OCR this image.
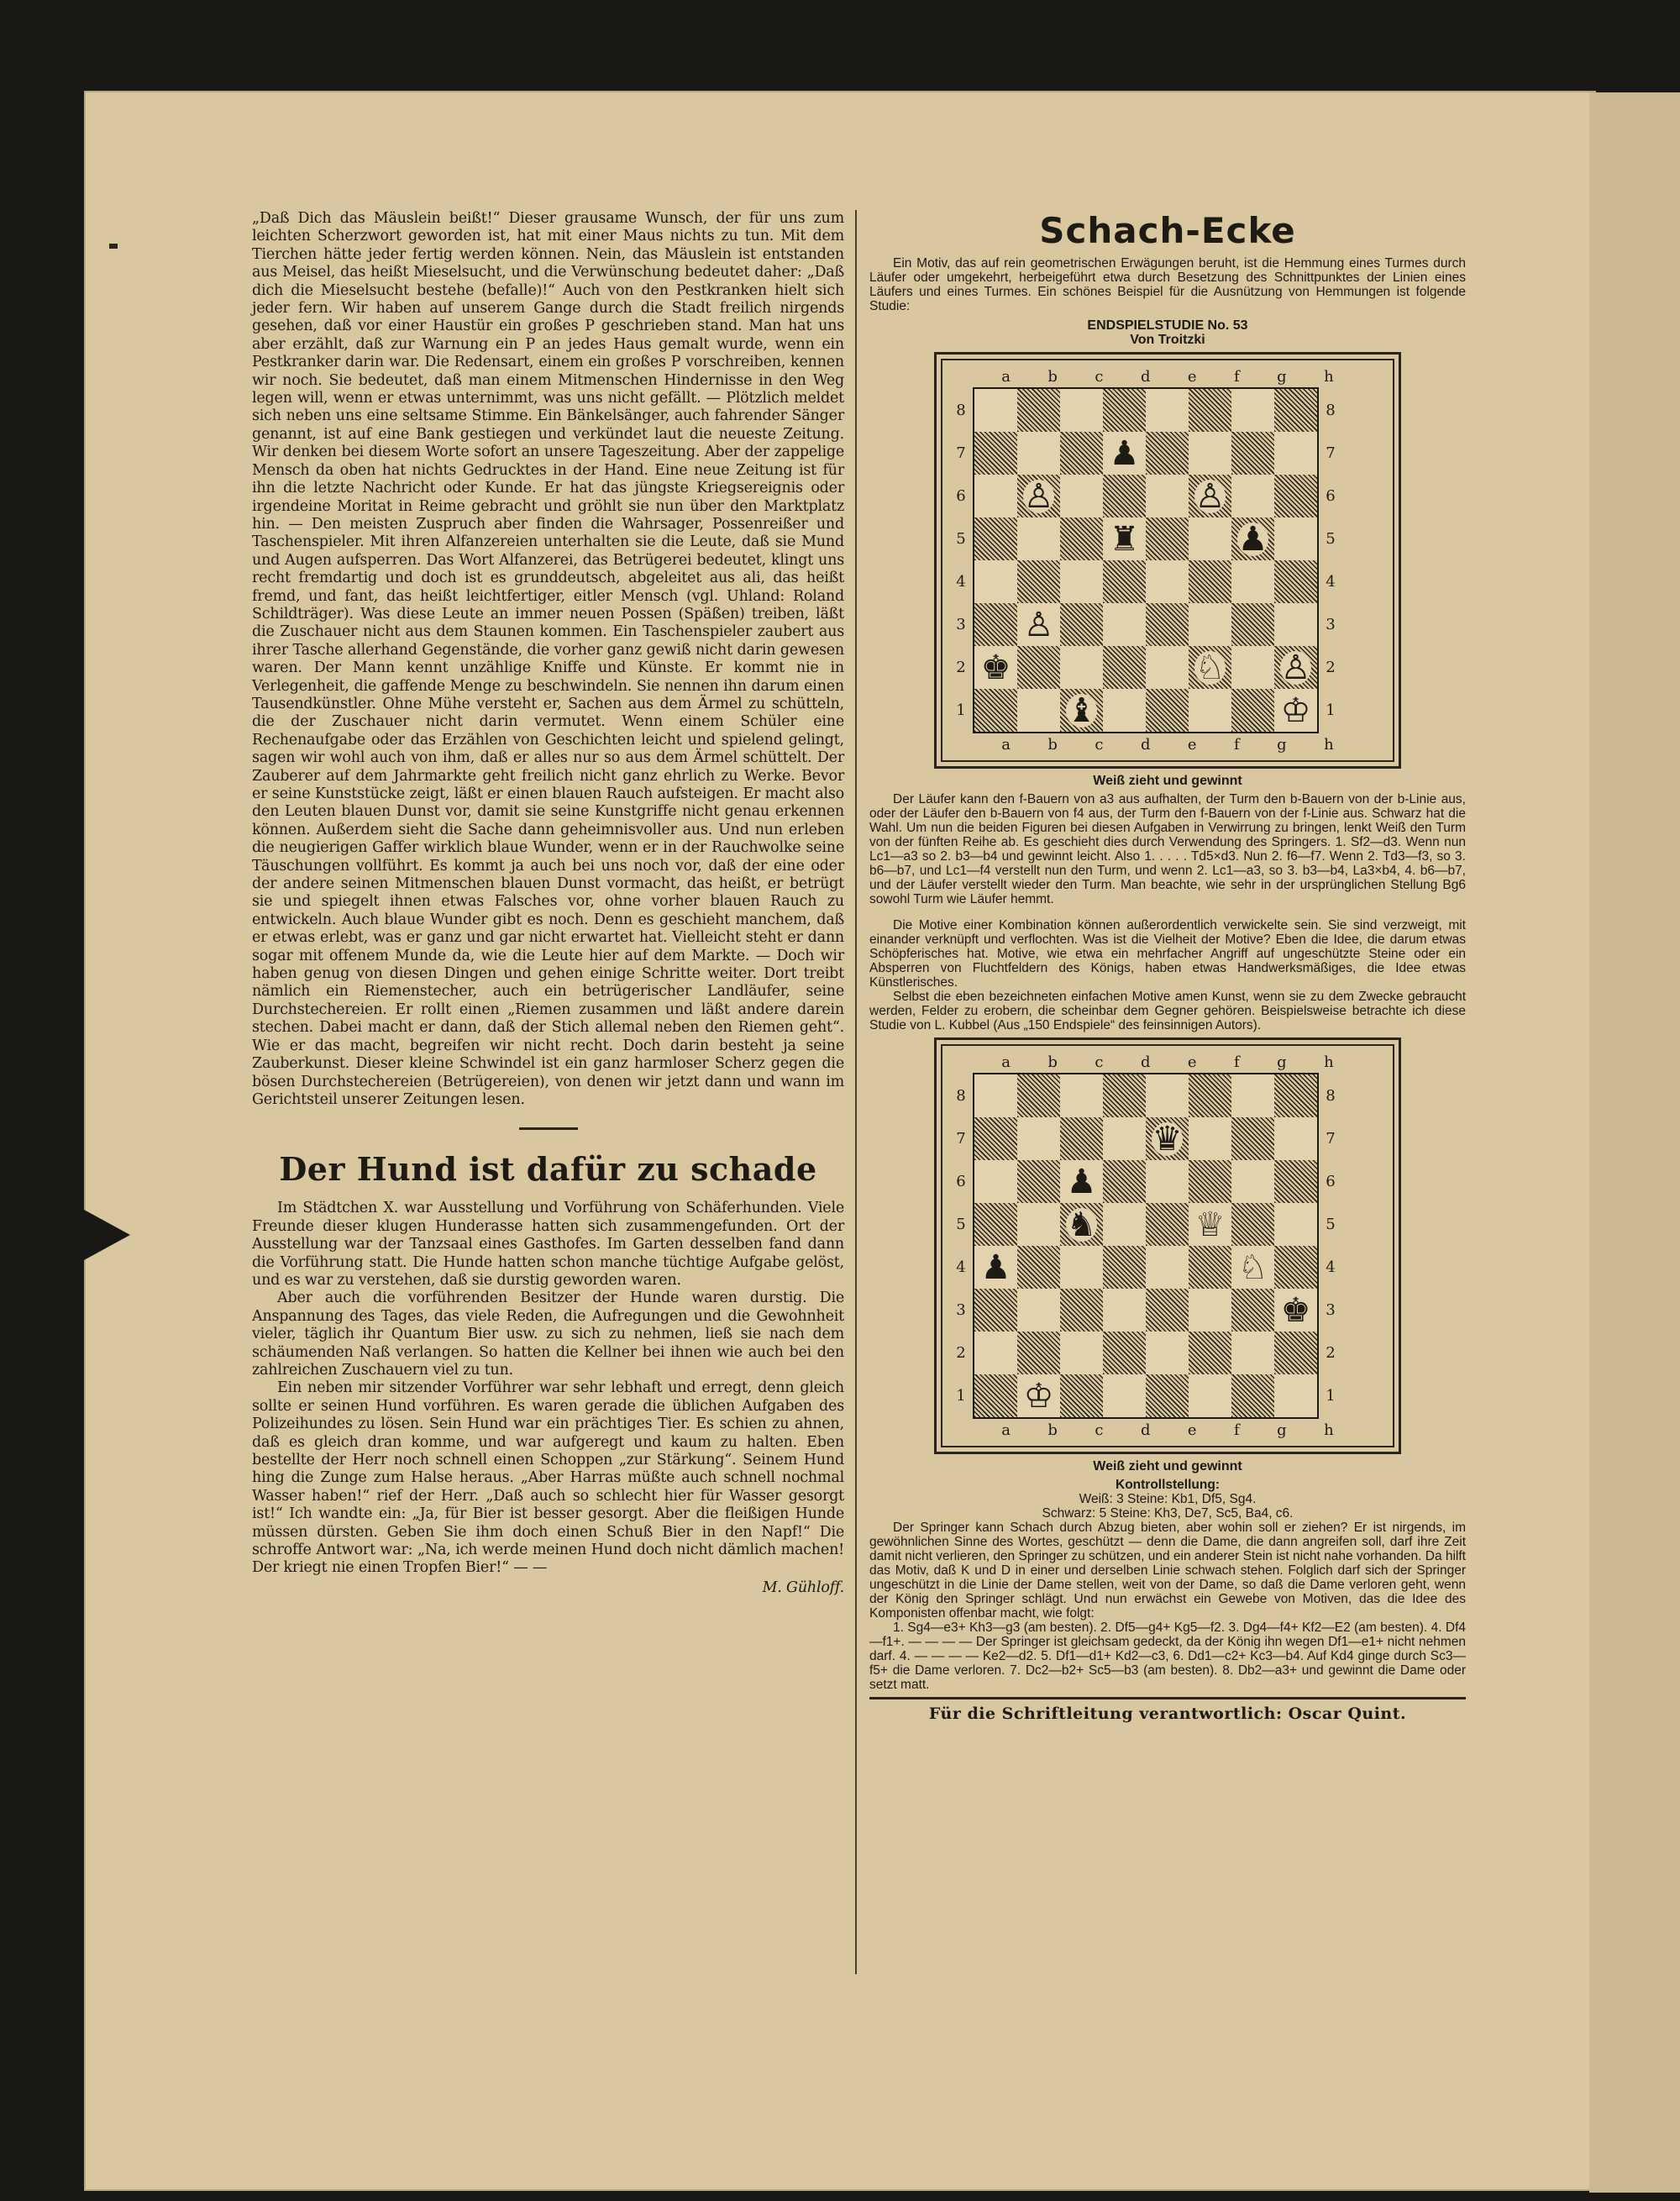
„Daß Dich das Mäuslein beißt!“ Dieser grausame Wunsch, der für uns zum leichten Scherzwort geworden ist, hat mit einer Maus nichts zu tun. Mit dem Tierchen hätte jeder fertig werden können. Nein, das Mäuslein ist entstanden aus Meisel, das heißt Mieselsucht, und die Verwünschung bedeutet daher: „Daß dich die Mieselsucht bestehe (befalle)!“ Auch von den Pestkranken hielt sich jeder fern. Wir haben auf unserem Gange durch die Stadt freilich nirgends gesehen, daß vor einer Haustür ein großes P geschrieben stand. Man hat uns aber erzählt, daß zur Warnung ein P an jedes Haus gemalt wurde, wenn ein Pestkranker darin war. Die Redensart, einem ein großes P vorschreiben, kennen wir noch. Sie bedeutet, daß man einem Mitmenschen Hindernisse in den Weg legen will, wenn er etwas unternimmt, was uns nicht gefällt. — Plötzlich meldet sich neben uns eine seltsame Stimme. Ein Bänkelsänger, auch fahrender Sänger genannt, ist auf eine Bank gestiegen und verkündet laut die neueste Zeitung. Wir denken bei diesem Worte sofort an unsere Tageszeitung. Aber der zappelige Mensch da oben hat nichts Gedrucktes in der Hand. Eine neue Zeitung ist für ihn die letzte Nachricht oder Kunde. Er hat das jüngste Kriegsereignis oder irgendeine Moritat in Reime gebracht und gröhlt sie nun über den Marktplatz hin. — Den meisten Zuspruch aber finden die Wahrsager, Possenreißer und Taschenspieler. Mit ihren Alfanzereien unterhalten sie die Leute, daß sie Mund und Augen aufsperren. Das Wort Alfanzerei, das Betrügerei bedeutet, klingt uns recht fremdartig und doch ist es grunddeutsch, abgeleitet aus ali, das heißt fremd, und fant, das heißt leichtfertiger, eitler Mensch (vgl. Uhland: Roland Schildträger). Was diese Leute an immer neuen Possen (Späßen) treiben, läßt die Zuschauer nicht aus dem Staunen kommen. Ein Taschenspieler zaubert aus ihrer Tasche allerhand Gegenstände, die vorher ganz gewiß nicht darin gewesen waren. Der Mann kennt unzählige Kniffe und Künste. Er kommt nie in Verlegenheit, die gaffende Menge zu beschwindeln. Sie nennen ihn darum einen Tausendkünstler. Ohne Mühe versteht er, Sachen aus dem Ärmel zu schütteln, die der Zuschauer nicht darin vermutet. Wenn einem Schüler eine Rechenaufgabe oder das Erzählen von Geschichten leicht und spielend gelingt, sagen wir wohl auch von ihm, daß er alles nur so aus dem Ärmel schüttelt. Der Zauberer auf dem Jahrmarkte geht freilich nicht ganz ehrlich zu Werke. Bevor er seine Kunststücke zeigt, läßt er einen blauen Rauch aufsteigen. Er macht also den Leuten blauen Dunst vor, damit sie seine Kunstgriffe nicht genau erkennen können. Außerdem sieht die Sache dann geheimnisvoller aus. Und nun erleben die neugierigen Gaffer wirklich blaue Wunder, wenn er in der Rauchwolke seine Täuschungen vollführt. Es kommt ja auch bei uns noch vor, daß der eine oder der andere seinen Mitmenschen blauen Dunst vormacht, das heißt, er betrügt sie und spiegelt ihnen etwas Falsches vor, ohne vorher blauen Rauch zu entwickeln. Auch blaue Wunder gibt es noch. Denn es geschieht manchem, daß er etwas erlebt, was er ganz und gar nicht erwartet hat. Vielleicht steht er dann sogar mit offenem Munde da, wie die Leute hier auf dem Markte. — Doch wir haben genug von diesen Dingen und gehen einige Schritte weiter. Dort treibt nämlich ein Riemenstecher, auch ein betrügerischer Landläufer, seine Durchstechereien. Er rollt einen „Riemen zusammen und läßt andere darein stechen. Dabei macht er dann, daß der Stich allemal neben den Riemen geht“. Wie er das macht, begreifen wir nicht recht. Doch darin besteht ja seine Zauberkunst. Dieser kleine Schwindel ist ein ganz harmloser Scherz gegen die bösen Durchstechereien (Betrügereien), von denen wir jetzt dann und wann im Gerichtsteil unserer Zeitungen lesen.

Der Hund ist dafür zu schade

Im Städtchen X. war Ausstellung und Vorführung von Schäferhunden. Viele Freunde dieser klugen Hunderasse hatten sich zusammengefunden. Ort der Ausstellung war der Tanzsaal eines Gasthofes. Im Garten desselben fand dann die Vorführung statt. Die Hunde hatten schon manche tüchtige Aufgabe gelöst, und es war zu verstehen, daß sie durstig geworden waren.

Aber auch die vorführenden Besitzer der Hunde waren durstig. Die Anspannung des Tages, das viele Reden, die Aufregungen und die Gewohnheit vieler, täglich ihr Quantum Bier usw. zu sich zu nehmen, ließ sie nach dem schäumenden Naß verlangen. So hatten die Kellner bei ihnen wie auch bei den zahlreichen Zuschauern viel zu tun.

Ein neben mir sitzender Vorführer war sehr lebhaft und erregt, denn gleich sollte er seinen Hund vorführen. Es waren gerade die üblichen Aufgaben des Polizeihundes zu lösen. Sein Hund war ein prächtiges Tier. Es schien zu ahnen, daß es gleich dran komme, und war aufgeregt und kaum zu halten. Eben bestellte der Herr noch schnell einen Schoppen „zur Stärkung“. Seinem Hund hing die Zunge zum Halse heraus. „Aber Harras müßte auch schnell nochmal Wasser haben!“ rief der Herr. „Daß auch so schlecht hier für Wasser gesorgt ist!“ Ich wandte ein: „Ja, für Bier ist besser gesorgt. Aber die fleißigen Hunde müssen dürsten. Geben Sie ihm doch einen Schuß Bier in den Napf!“ Die schroffe Antwort war: „Na, ich werde meinen Hund doch nicht dämlich machen! Der kriegt nie einen Tropfen Bier!“ — —

M. Gühloff.
Schach-Ecke
Ein Motiv, das auf rein geometrischen Erwägungen beruht, ist die Hemmung eines Turmes durch Läufer oder umgekehrt, herbeigeführt etwa durch Besetzung des Schnittpunktes der Linien eines Läufers und eines Turmes. Ein schönes Beispiel für die Ausnützung von Hemmungen ist folgende Studie:
ENDSPIELSTUDIE No. 53
Von Troitzki
a b c d e f g h
8
7
6
5
4
3
2
1
♟
♙	♙
♜	♟
♙
♚	♘ ♙
♝	♔
8
7
6
5
4
3
2
1
a b c d e f g h
Weiß zieht und gewinnt
Der Läufer kann den f-Bauern von a3 aus aufhalten, der Turm den b-Bauern von der b-Linie aus, oder der Läufer den b-Bauern von f4 aus, der Turm den f-Bauern von der f-Linie aus. Schwarz hat die Wahl. Um nun die beiden Figuren bei diesen Aufgaben in Verwirrung zu bringen, lenkt Weiß den Turm von der fünften Reihe ab. Es geschieht dies durch Verwendung des Springers. 1. Sf2—d3. Wenn nun Lc1—a3 so 2. b3—b4 und gewinnt leicht. Also 1. . . . . Td5×d3. Nun 2. f6—f7. Wenn 2. Td3—f3, so 3. b6—b7, und Lc1—f4 verstellt nun den Turm, und wenn 2. Lc1—a3, so 3. b3—b4, La3×b4, 4. b6—b7, und der Läufer verstellt wieder den Turm. Man beachte, wie sehr in der ursprünglichen Stellung Bg6 sowohl Turm wie Läufer hemmt.
Die Motive einer Kombination können außerordentlich verwickelte sein. Sie sind verzweigt, mit einander verknüpft und verflochten. Was ist die Vielheit der Motive? Eben die Idee, die darum etwas Schöpferisches hat. Motive, wie etwa ein mehrfacher Angriff auf ungeschützte Steine oder ein Absperren von Fluchtfeldern des Königs, haben etwas Handwerksmäßiges, die Idee etwas Künstlerisches.
Selbst die eben bezeichneten einfachen Motive amen Kunst, wenn sie zu dem Zwecke gebraucht werden, Felder zu erobern, die scheinbar dem Gegner gehören. Beispielsweise betrachte ich diese Studie von L. Kubbel (Aus „150 Endspiele“ des feinsinnigen Autors).
a b c d e f g h
8
7
6
5
4
3
2
1
♛
♟
♞	♕
♟	♘
♚
♔
8
7
6
5
4
3
2
1
a b c d e f g h
Weiß zieht und gewinnt
Kontrollstellung:
Weiß: 3 Steine: Kb1, Df5, Sg4.
Schwarz: 5 Steine: Kh3, De7, Sc5, Ba4, c6.
Der Springer kann Schach durch Abzug bieten, aber wohin soll er ziehen? Er ist nirgends, im gewöhnlichen Sinne des Wortes, geschützt — denn die Dame, die dann angreifen soll, darf ihre Zeit damit nicht verlieren, den Springer zu schützen, und ein anderer Stein ist nicht nahe vorhanden. Da hilft das Motiv, daß K und D in einer und derselben Linie schwach stehen. Folglich darf sich der Springer ungeschützt in die Linie der Dame stellen, weit von der Dame, so daß die Dame verloren geht, wenn der König den Springer schlägt. Und nun erwächst ein Gewebe von Motiven, das die Idee des Komponisten offenbar macht, wie folgt:
1. Sg4—e3+ Kh3—g3 (am besten). 2. Df5—g4+ Kg5—f2. 3. Dg4—f4+ Kf2—E2 (am besten). 4. Df4—f1+. — — — — Der Springer ist gleichsam gedeckt, da der König ihn wegen Df1—e1+ nicht nehmen darf. 4. — — — — Ke2—d2. 5. Df1—d1+ Kd2—c3, 6. Dd1—c2+ Kc3—b4. Auf Kd4 ginge durch Sc3—f5+ die Dame verloren. 7. Dc2—b2+ Sc5—b3 (am besten). 8. Db2—a3+ und gewinnt die Dame oder setzt matt.
Für die Schriftleitung verantwortlich: Oscar Quint.
